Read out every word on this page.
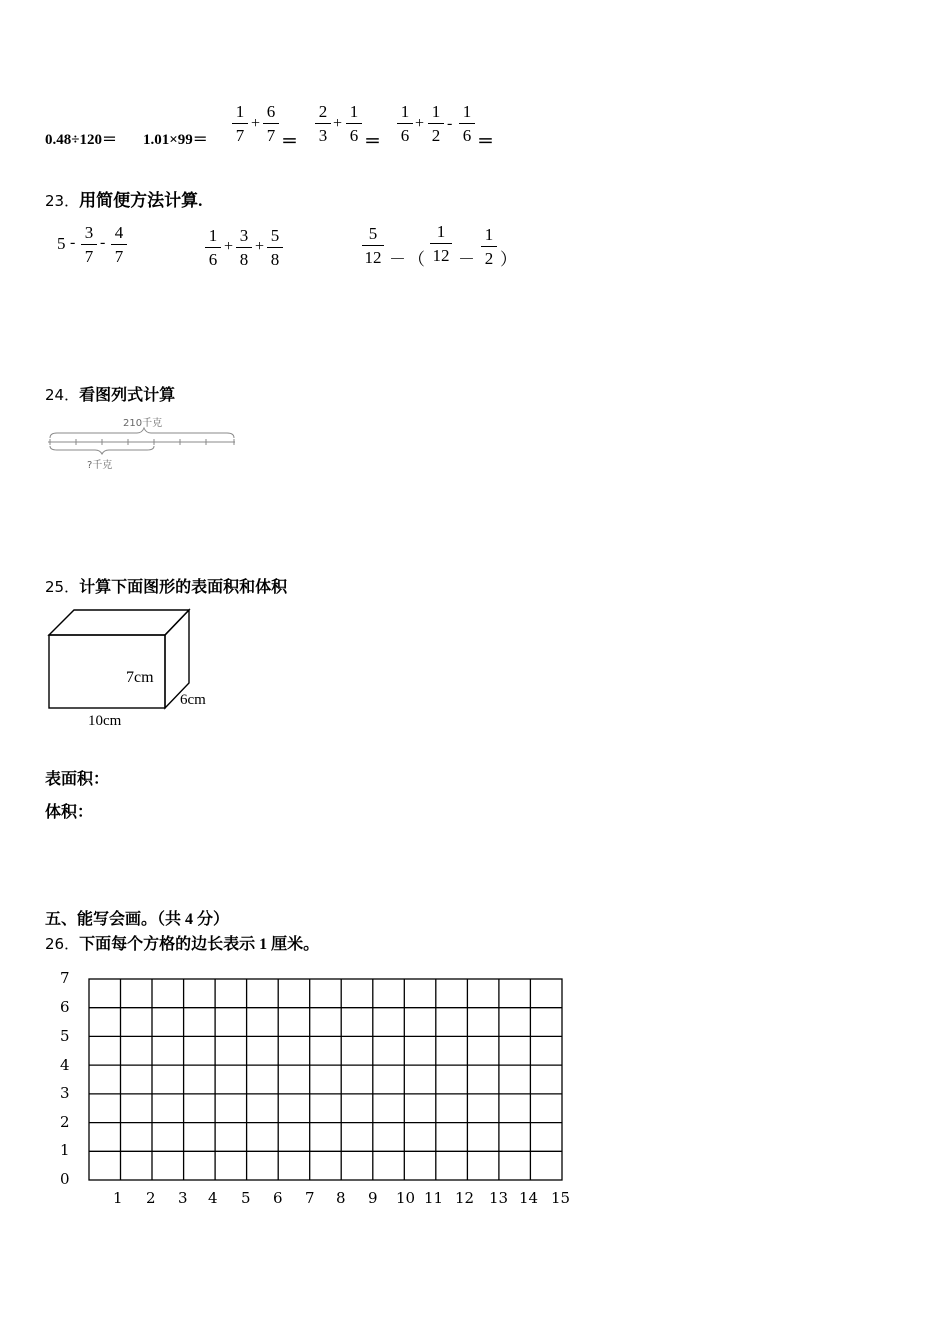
0.48÷120＝ 1.01×99＝
1
7
+
6
7 ＝
2
3
+
1
6 ＝
1
6
+
1
2
-
1
6 ＝
23．用简便方法计算.
5 -
3
7
-
4
7
1
6
+
3
8
+
5
8
5
12 － （
1
12 －
1
2 ）
24．看图列式计算
210千克
?千克
25．计算下面图形的表面积和体积
7cm
6cm
10cm
表面积：
体积：
五、能写会画。（共 4 分）
26．下面每个方格的边长表示 1 厘米。
7
6
5
4
3
2
1
0
1 2 3 4 5 6 7 8 9 10 11 12 13 14 15
